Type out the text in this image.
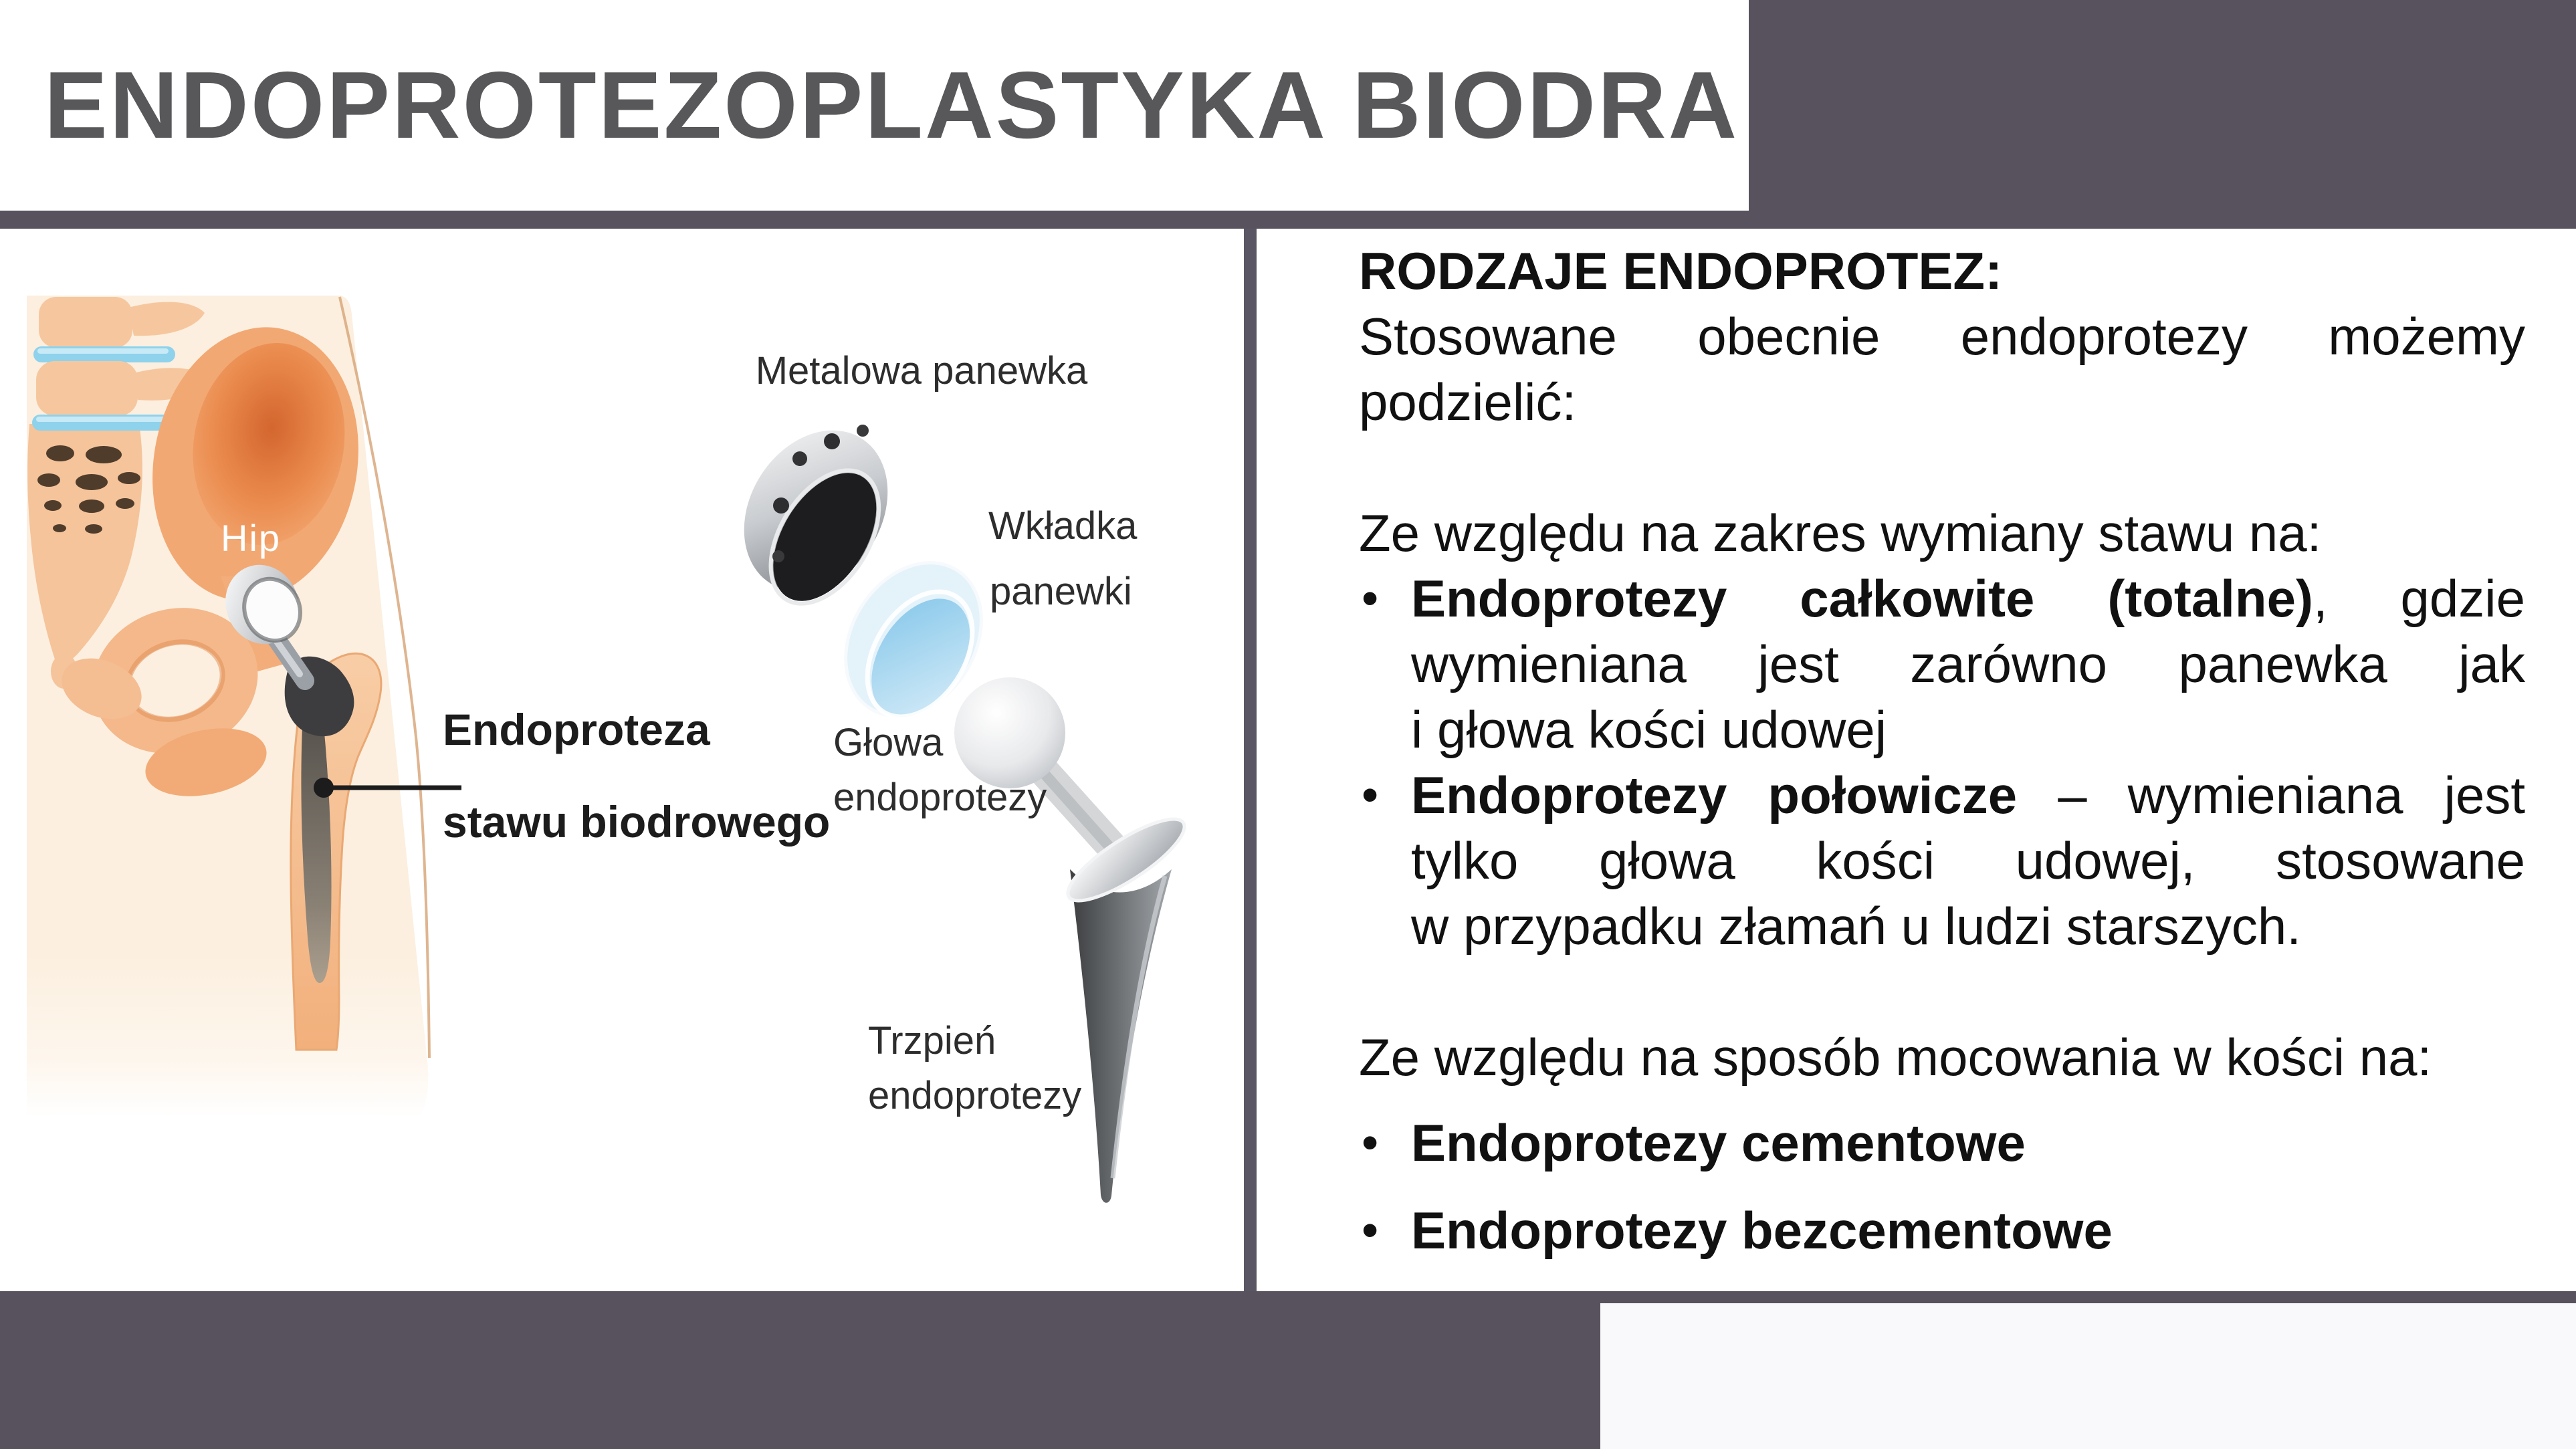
ENDOPROTEZOPLASTYKA BIODRA
Hip
Metalowa panewka
Wkładka
panewki
Głowa
endoprotezy
Trzpień
endoprotezy
Endoproteza
stawu biodrowego
RODZAJE ENDOPROTEZ:
Stosowane obecnie endoprotezy możemy
podzielić:
Ze względu na zakres wymiany stawu na:
• Endoprotezy całkowite (totalne), gdzie
wymieniana jest zarówno panewka jak
i głowa kości udowej
• Endoprotezy połowicze – wymieniana jest
tylko głowa kości udowej, stosowane
w przypadku złamań u ludzi starszych.
Ze względu na sposób mocowania w kości na:
• Endoprotezy cementowe
• Endoprotezy bezcementowe
